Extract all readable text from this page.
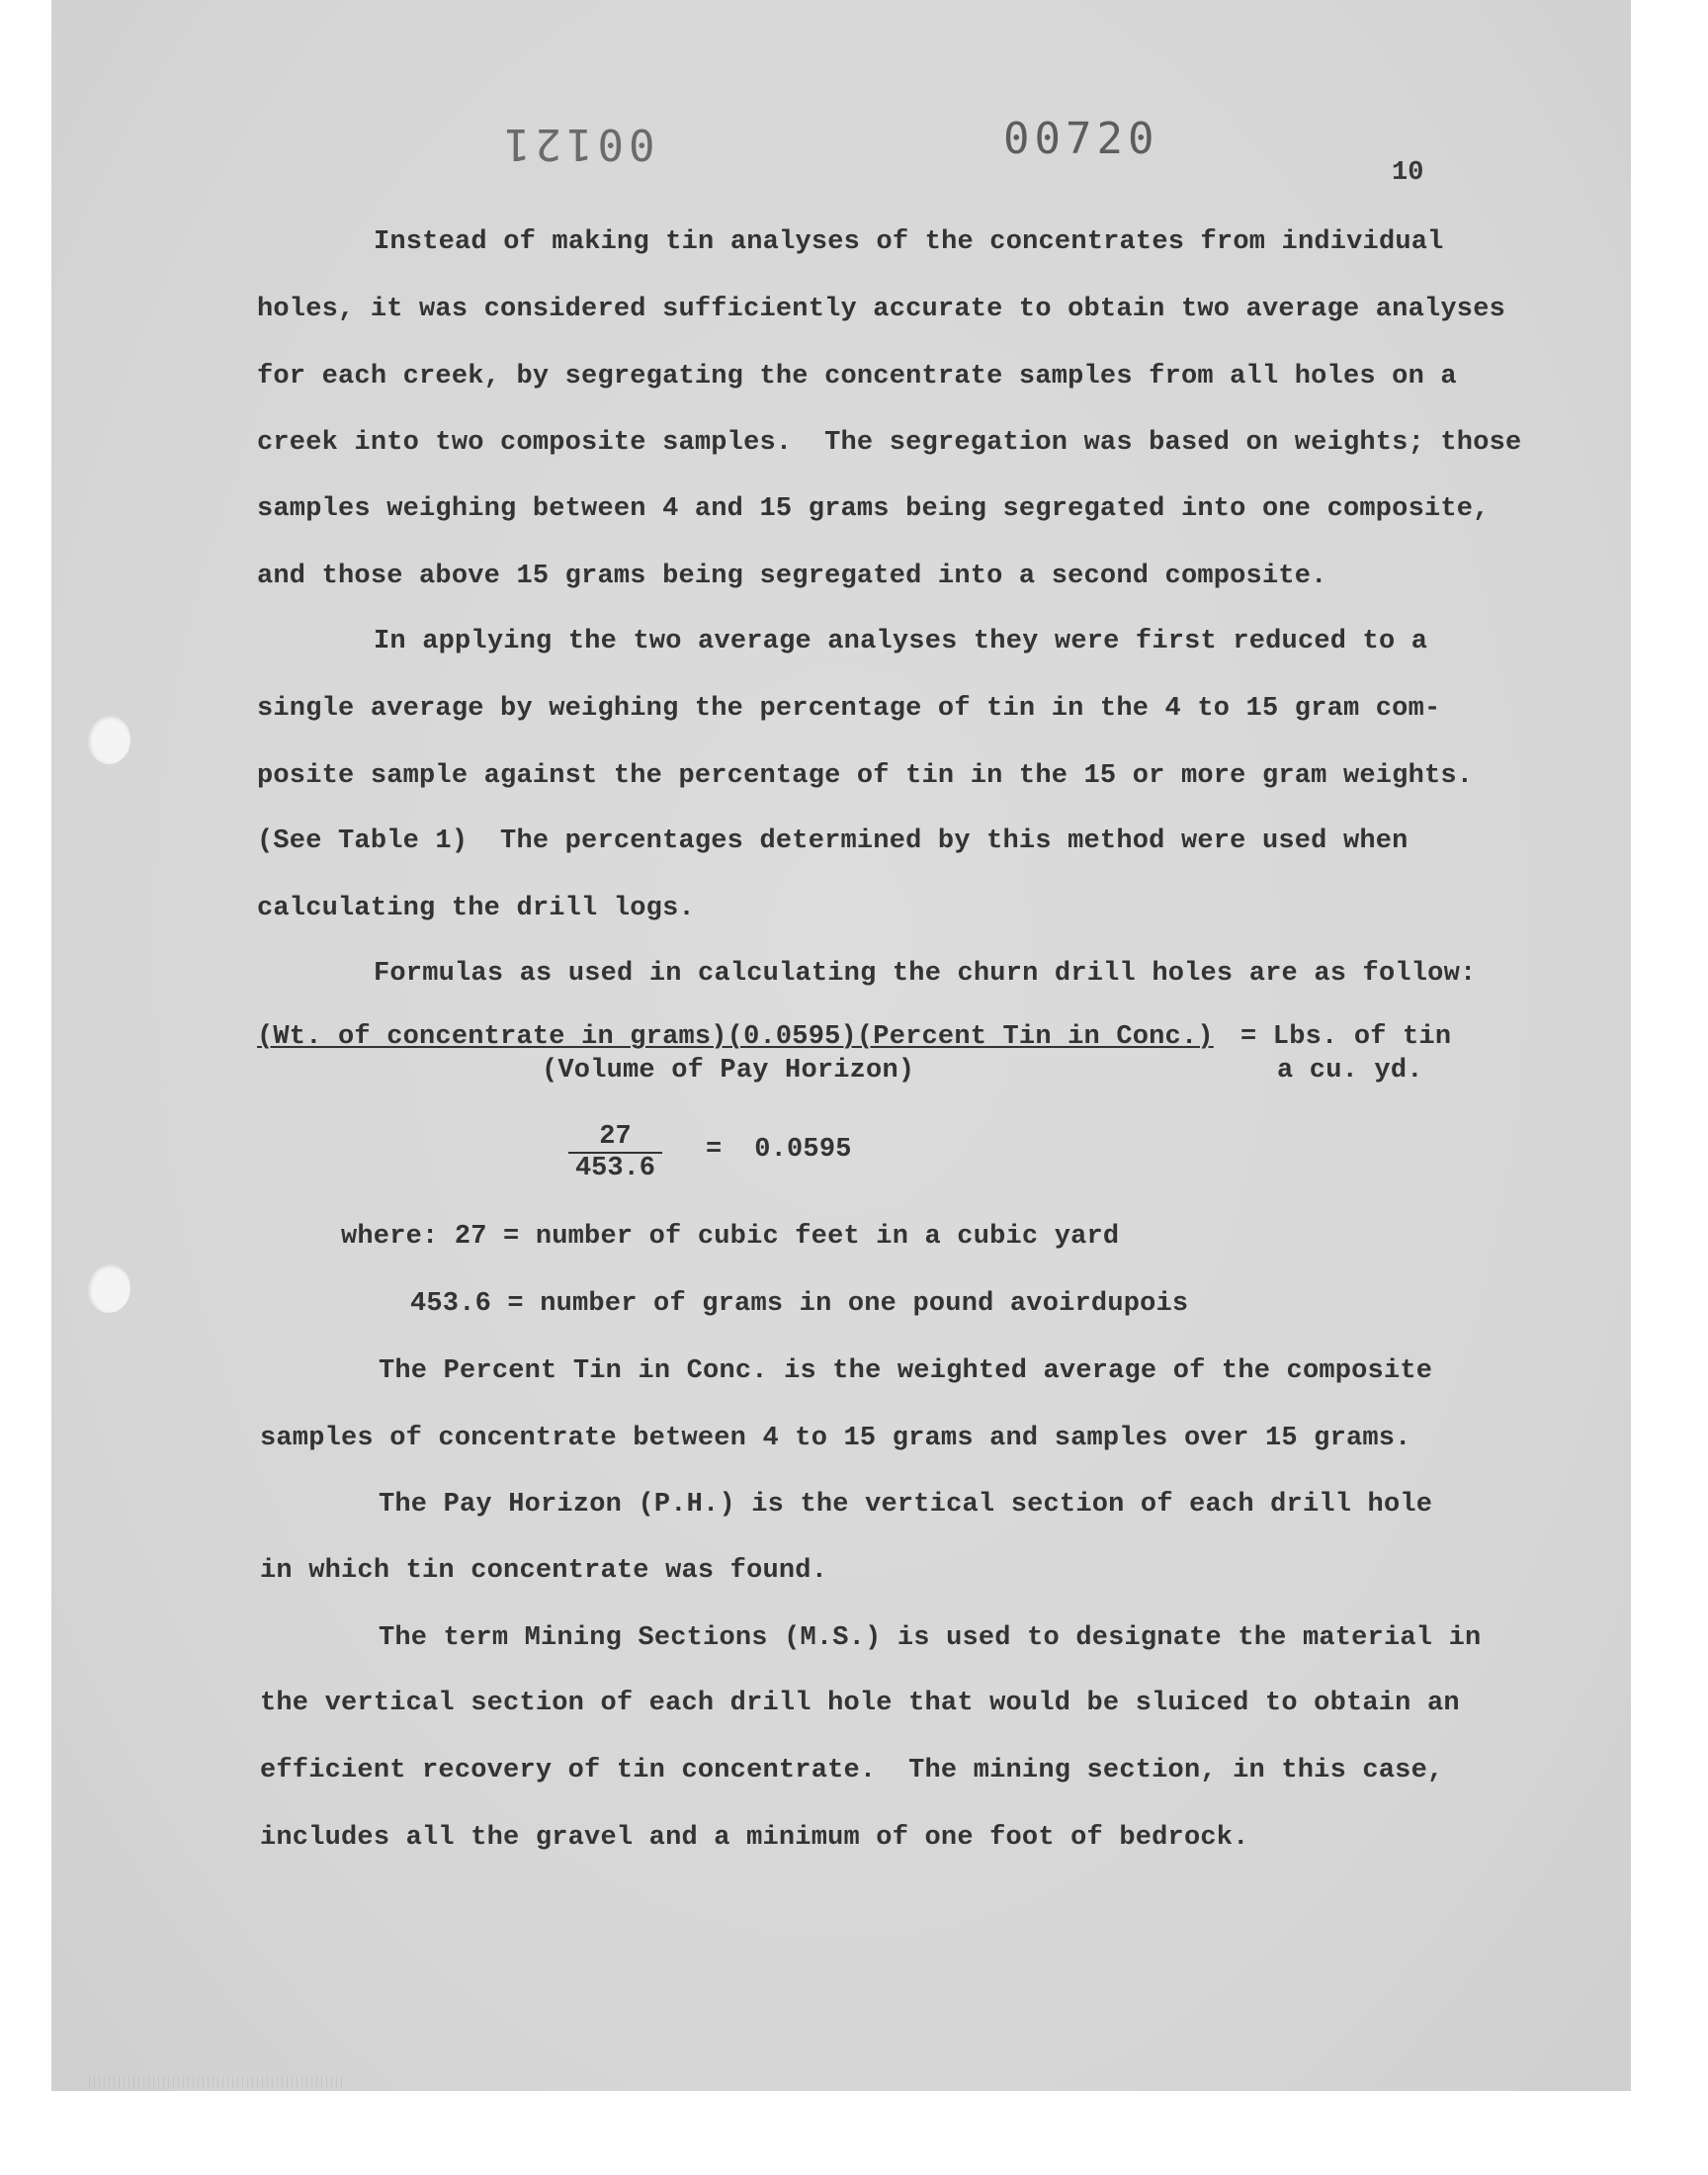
00121	00720
10
Instead of making tin analyses of the concentrates from individual
holes, it was considered sufficiently accurate to obtain two average analyses
for each creek, by segregating the concentrate samples from all holes on a
creek into two composite samples.  The segregation was based on weights; those
samples weighing between 4 and 15 grams being segregated into one composite,
and those above 15 grams being segregated into a second composite.
In applying the two average analyses they were first reduced to a
single average by weighing the percentage of tin in the 4 to 15 gram com-
posite sample against the percentage of tin in the 15 or more gram weights.
(See Table 1)  The percentages determined by this method were used when
calculating the drill logs.
Formulas as used in calculating the churn drill holes are as follow:
(Wt. of concentrate in grams)(0.0595)(Percent Tin in Conc.)
(Volume of Pay Horizon)
= Lbs. of tin
a cu. yd.
$\frac{27}{453.6} = 0.0595$
where: 27 = number of cubic feet in a cubic yard
453.6 = number of grams in one pound avoirdupois
The Percent Tin in Conc. is the weighted average of the composite
samples of concentrate between 4 to 15 grams and samples over 15 grams.
The Pay Horizon (P.H.) is the vertical section of each drill hole
in which tin concentrate was found.
The term Mining Sections (M.S.) is used to designate the material in
the vertical section of each drill hole that would be sluiced to obtain an
efficient recovery of tin concentrate.  The mining section, in this case,
includes all the gravel and a minimum of one foot of bedrock.
